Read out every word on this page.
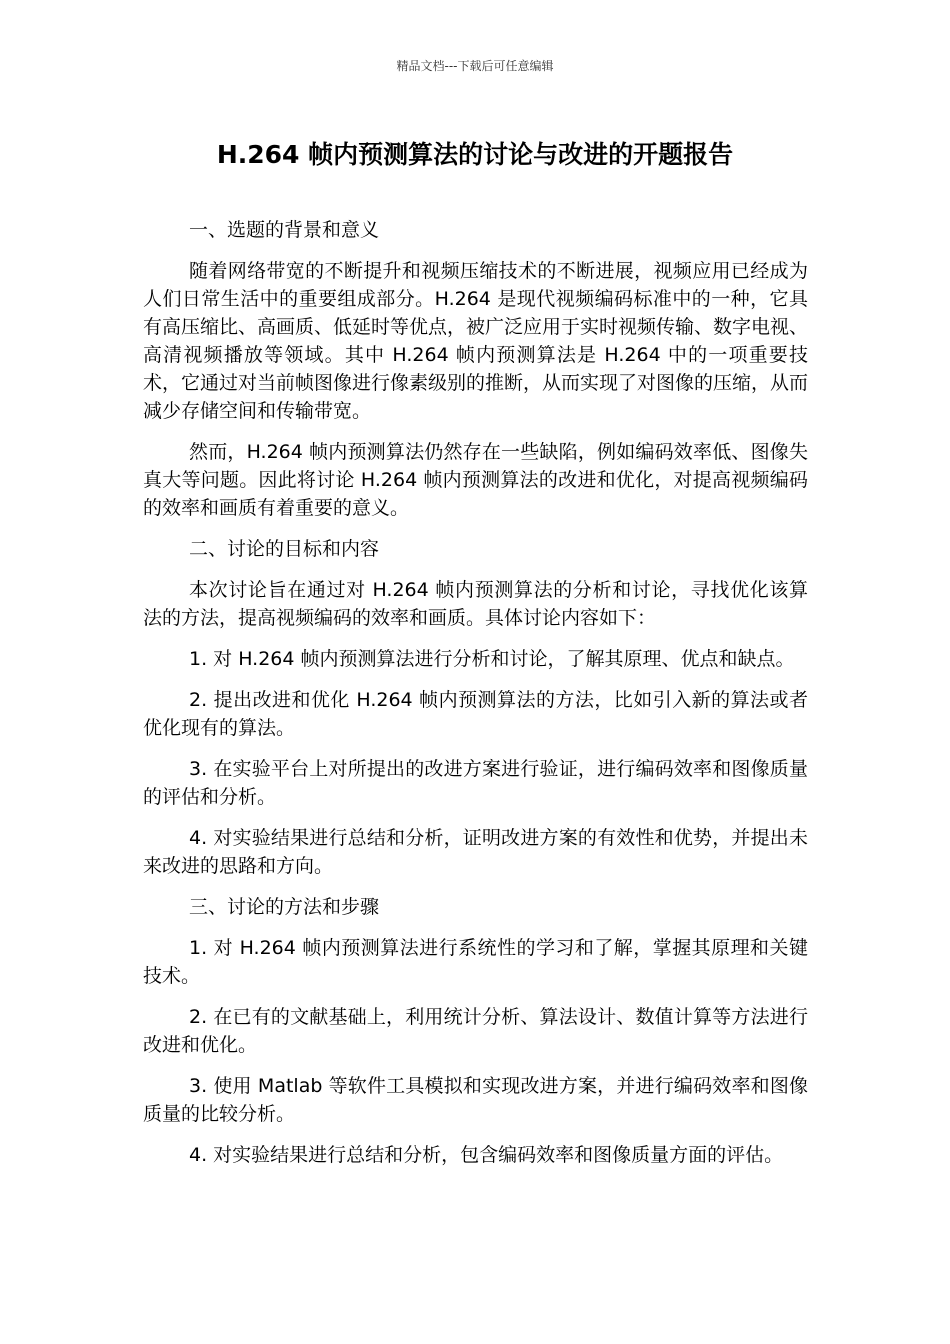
精品文档---下载后可任意编辑
H.264 帧内预测算法的讨论与改进的开题报告

一、选题的背景和意义

随着网络带宽的不断提升和视频压缩技术的不断进展，视频应用已经成为人们日常生活中的重要组成部分。H.264 是现代视频编码标准中的一种，它具有高压缩比、高画质、低延时等优点，被广泛应用于实时视频传输、数字电视、高清视频播放等领域。其中 H.264 帧内预测算法是 H.264 中的一项重要技术，它通过对当前帧图像进行像素级别的推断，从而实现了对图像的压缩，从而减少存储空间和传输带宽。

然而，H.264 帧内预测算法仍然存在一些缺陷，例如编码效率低、图像失真大等问题。因此将讨论 H.264 帧内预测算法的改进和优化，对提高视频编码的效率和画质有着重要的意义。

二、讨论的目标和内容

本次讨论旨在通过对 H.264 帧内预测算法的分析和讨论，寻找优化该算法的方法，提高视频编码的效率和画质。具体讨论内容如下：

1. 对 H.264 帧内预测算法进行分析和讨论，了解其原理、优点和缺点。

2. 提出改进和优化 H.264 帧内预测算法的方法，比如引入新的算法或者优化现有的算法。

3. 在实验平台上对所提出的改进方案进行验证，进行编码效率和图像质量的评估和分析。

4. 对实验结果进行总结和分析，证明改进方案的有效性和优势，并提出未来改进的思路和方向。

三、讨论的方法和步骤

1. 对 H.264 帧内预测算法进行系统性的学习和了解，掌握其原理和关键技术。

2. 在已有的文献基础上，利用统计分析、算法设计、数值计算等方法进行改进和优化。

3. 使用 Matlab 等软件工具模拟和实现改进方案，并进行编码效率和图像质量的比较分析。

4. 对实验结果进行总结和分析，包含编码效率和图像质量方面的评估。
